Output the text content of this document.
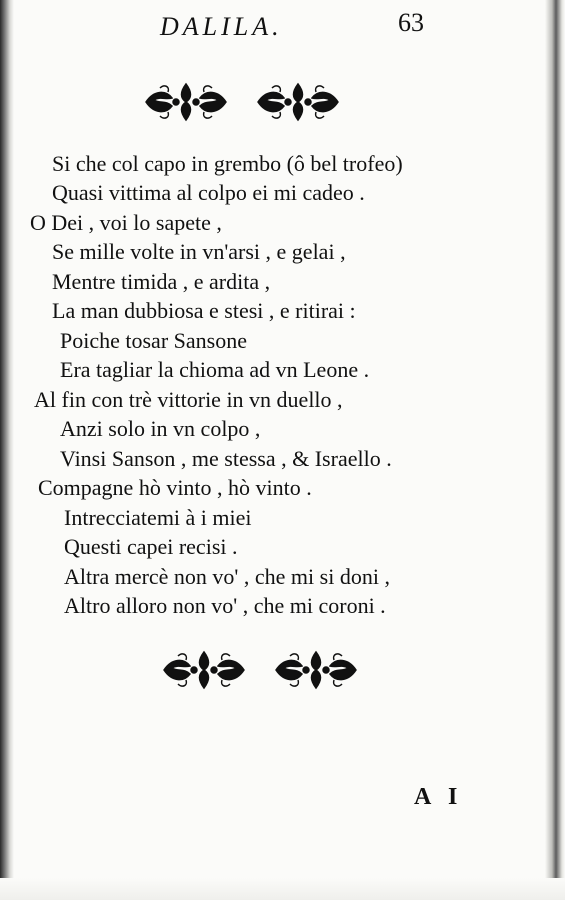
DALILA.	63
Si che col capo in grembo (ô bel trofeo)
Quasi vittima al colpo ei mi cadeo .
O Dei , voi lo sapete ,
Se mille volte in vn'arsi , e gelai ,
Mentre timida , e ardita ,
La man dubbiosa e stesi , e ritirai :
Poiche tosar Sansone
Era tagliar la chioma ad vn Leone .
Al fin con trè vittorie in vn duello ,
Anzi solo in vn colpo ,
Vinsi Sanson , me stessa , & Israello .
Compagne hò vinto , hò vinto .
Intrecciatemi à i miei
Questi capei recisi .
Altra mercè non vo' , che mi si doni ,
Altro alloro non vo' , che mi coroni .
A I
